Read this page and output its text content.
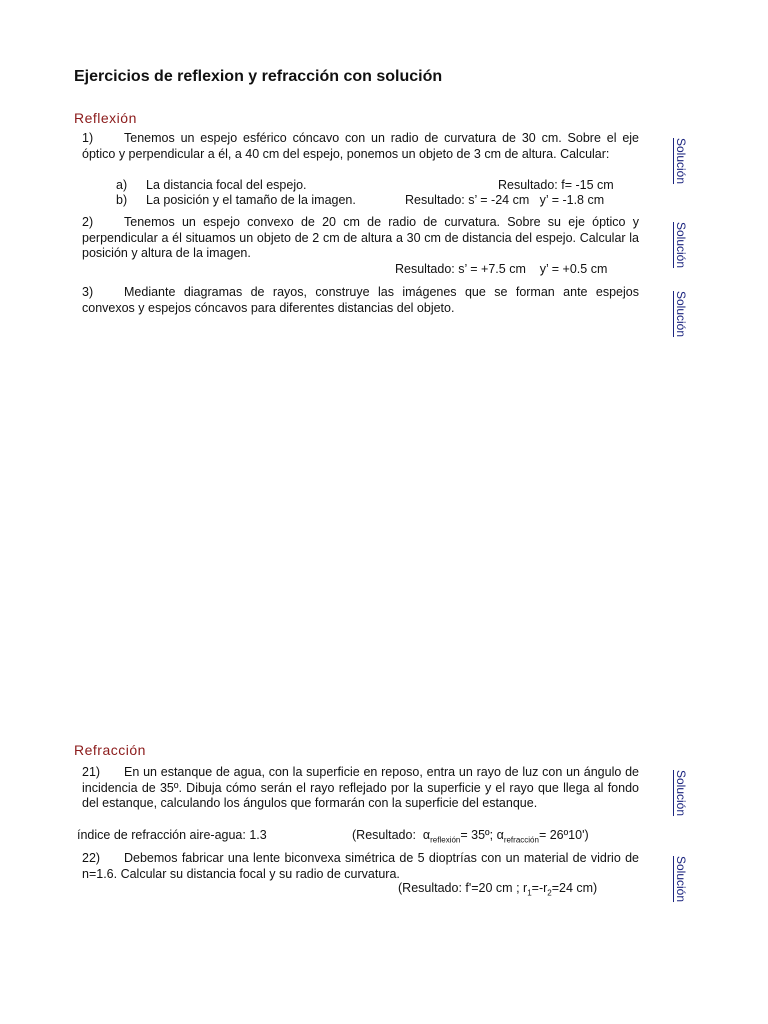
Ejercicios de reflexion y refracción con solución
Reflexión
1) Tenemos un espejo esférico cóncavo con un radio de curvatura de 30 cm. Sobre el eje óptico y perpendicular a él, a 40 cm del espejo, ponemos un objeto de 3 cm de altura. Calcular:
a) La distancia focal del espejo.	Resultado: f= -15 cm
b) La posición y el tamaño de la imagen.	Resultado: s’ = -24 cm   y’ = -1.8 cm
2) Tenemos un espejo convexo de 20 cm de radio de curvatura. Sobre su eje óptico y perpendicular a él situamos un objeto de 2 cm de altura a 30 cm de distancia del espejo. Calcular la posición y altura de la imagen.
Resultado: s’ = +7.5 cm    y’ = +0.5 cm
3) Mediante diagramas de rayos, construye las imágenes que se forman ante espejos convexos y espejos cóncavos para diferentes distancias del objeto.
Solución
Solución
Solución
Refracción
21) En un estanque de agua, con la superficie en reposo, entra un rayo de luz con un ángulo de incidencia de 35º. Dibuja cómo serán el rayo reflejado por la superficie y el rayo que llega al fondo del estanque, calculando los ángulos que formarán con la superficie del estanque.
índice de refracción aire-agua: 1.3	(Resultado: $\alpha_{reflexión}=$ 35º; $\alpha_{refracción}=$ 26º10')
22) Debemos fabricar una lente biconvexa simétrica de 5 dioptrías con un material de vidrio de n=1.6. Calcular su distancia focal y su radio de curvatura.
(Resultado: f'=20 cm ; $r_1=-r_2=24$ cm)
Solución
Solución
